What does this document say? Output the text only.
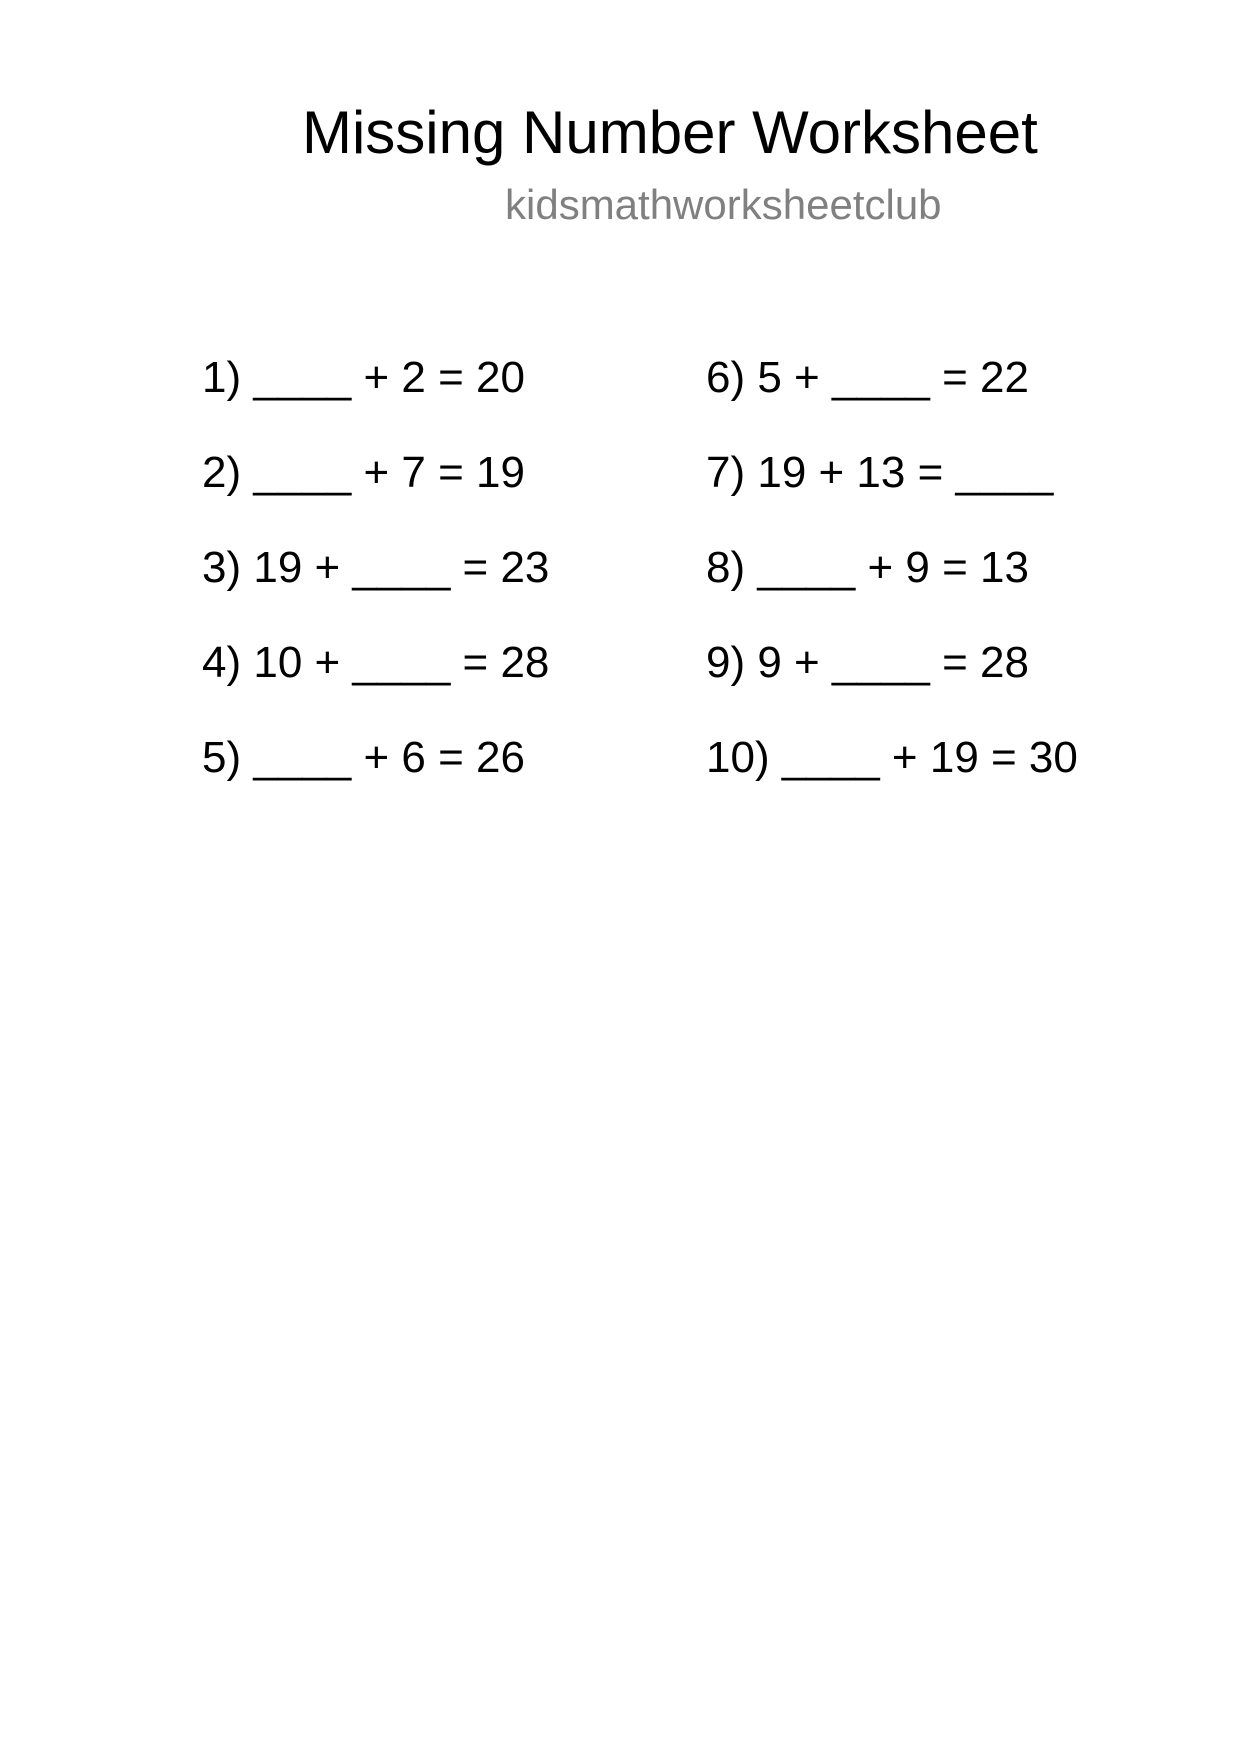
Missing Number Worksheet
kidsmathworksheetclub
1) ____ + 2 = 20
2) ____ + 7 = 19
3) 19 + ____ = 23
4) 10 + ____ = 28
5) ____ + 6 = 26
6) 5 + ____ = 22
7) 19 + 13 = ____
8) ____ + 9 = 13
9) 9 + ____ = 28
10) ____ + 19 = 30
